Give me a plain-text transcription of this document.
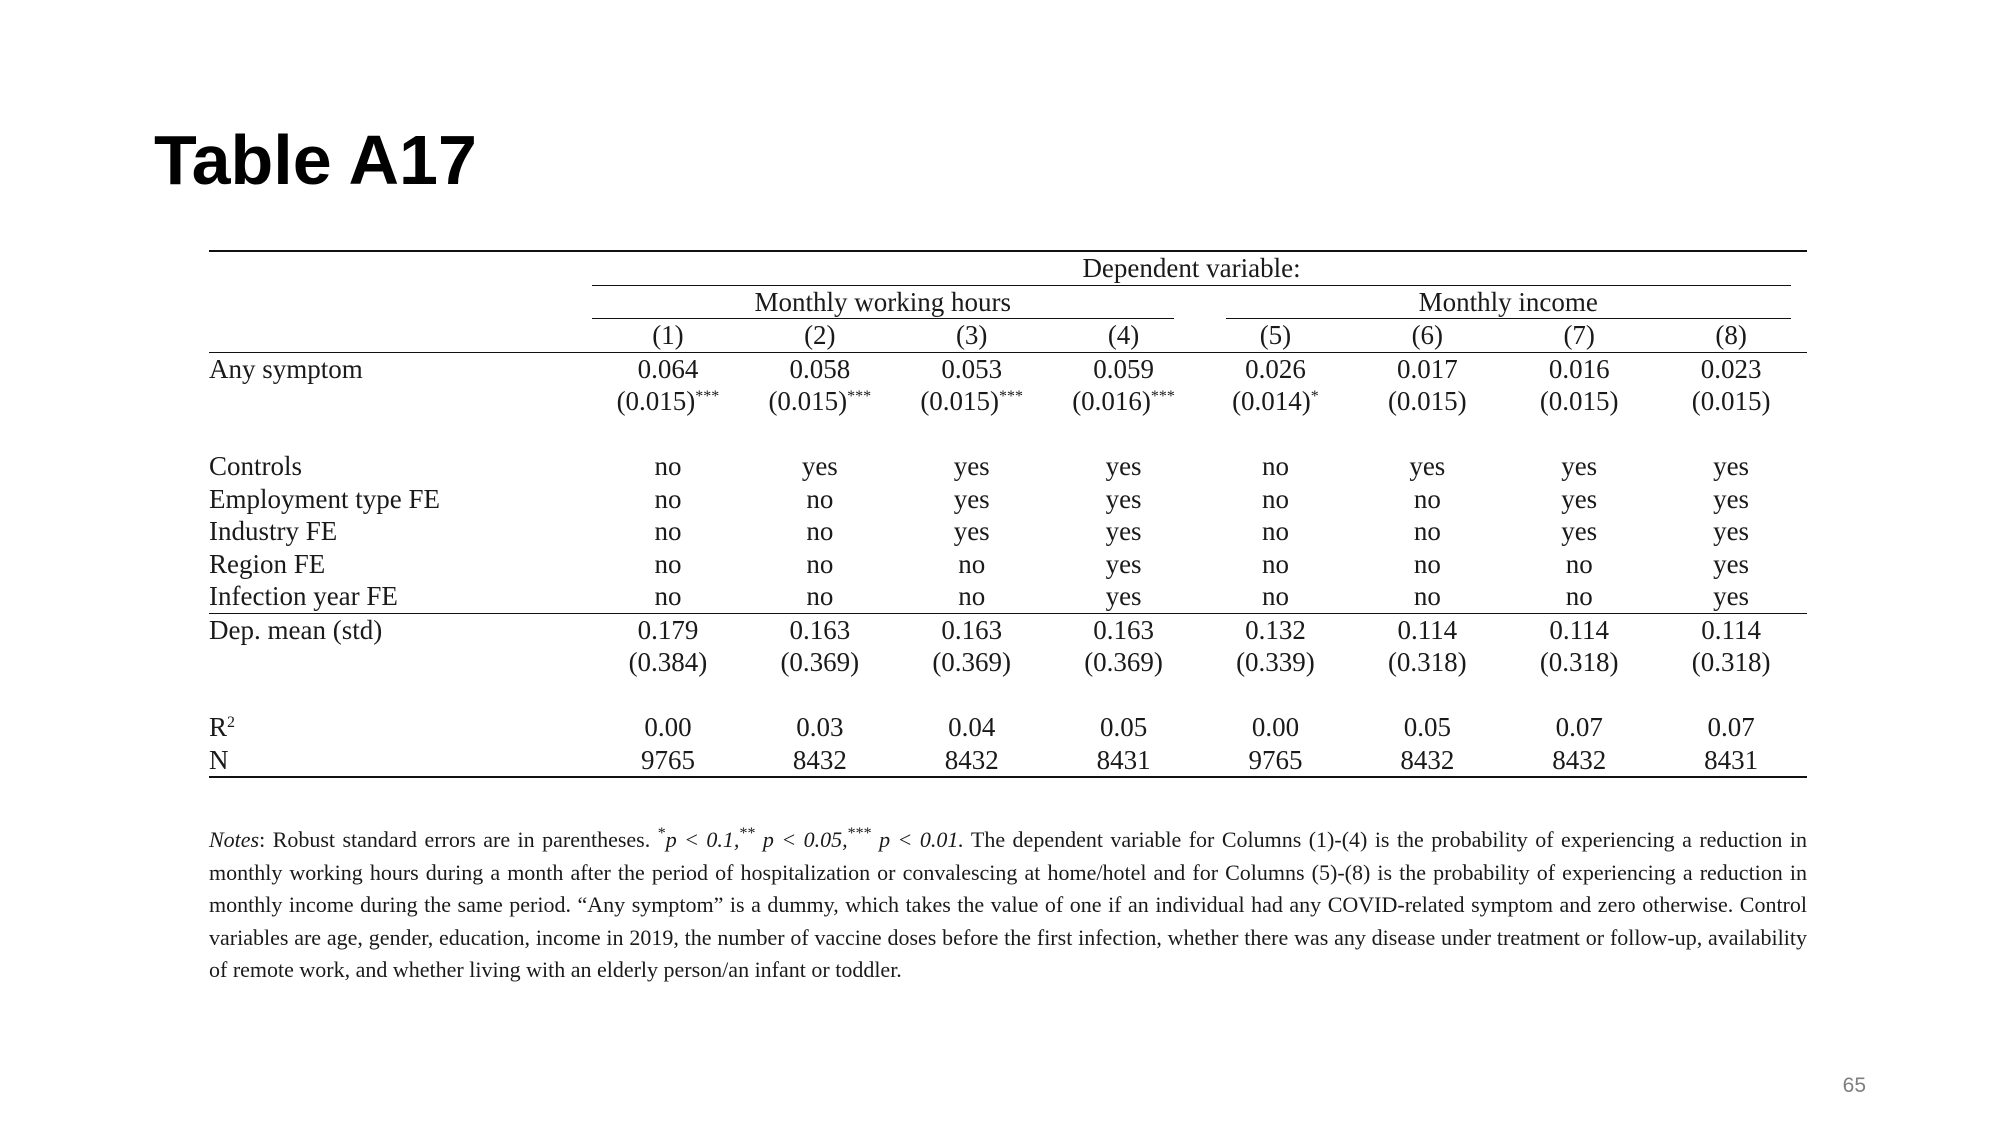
Table A17

	Dependent variable:							

	Monthly working hours				Monthly income			

	(1)	(2)	(3)	(4)	(5)	(6)	(7)	(8)
Any symptom	0.064	0.058	0.053	0.059	0.026	0.017	0.016	0.023
	(0.015)***	(0.015)***	(0.015)***	(0.016)***	(0.014)*	(0.015)	(0.015)	(0.015)

Controls	no	yes	yes	yes	no	yes	yes	yes
Employment type FE	no	no	yes	yes	no	no	yes	yes
Industry FE	no	no	yes	yes	no	no	yes	yes
Region FE	no	no	no	yes	no	no	no	yes
Infection year FE	no	no	no	yes	no	no	no	yes
Dep. mean (std)	0.179	0.163	0.163	0.163	0.132	0.114	0.114	0.114
	(0.384)	(0.369)	(0.369)	(0.369)	(0.339)	(0.318)	(0.318)	(0.318)

$R^2$	0.00	0.03	0.04	0.05	0.00	0.05	0.07	0.07
N	9765	8432	8432	8431	9765	8432	8432	8431

Notes: Robust standard errors are in parentheses. *p < 0.1,** p < 0.05,*** p < 0.01. The dependent variable for Columns (1)-(4) is the probability of experiencing a reduction in monthly working hours during a month after the period of hospitalization or convalescing at home/hotel and for Columns (5)-(8) is the probability of experiencing a reduction in monthly income during the same period. “Any symptom” is a dummy, which takes the value of one if an individual had any COVID-related symptom and zero otherwise. Control variables are age, gender, education, income in 2019, the number of vaccine doses before the first infection, whether there was any disease under treatment or follow-up, availability of remote work, and whether living with an elderly person/an infant or toddler.

65
